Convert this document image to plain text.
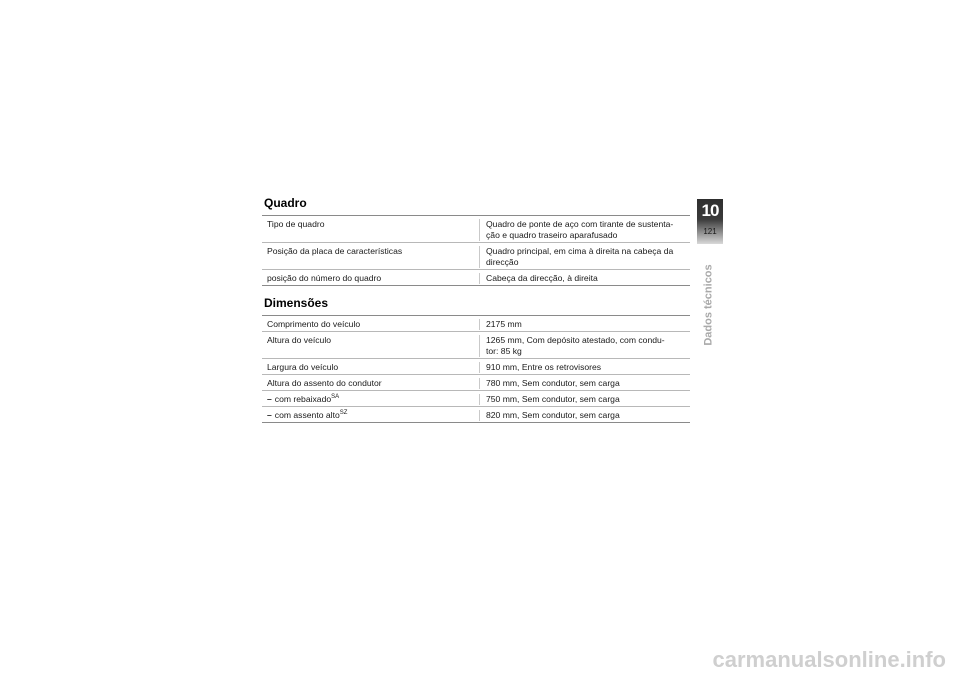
Quadro
Tipo de quadro	Quadro de ponte de aço com tirante de sustenta-
ção e quadro traseiro aparafusado
Posição da placa de características	Quadro principal, em cima à direita na cabeça da
direcção
posição do número do quadro	Cabeça da direcção, à direita
Dimensões
Comprimento do veículo	2175 mm
Altura do veículo	1265 mm, Com depósito atestado, com condu-
tor: 85 kg
Largura do veículo	910 mm, Entre os retrovisores
Altura do assento do condutor	780 mm, Sem condutor, sem carga
– com rebaixado$^{SA}$	750 mm, Sem condutor, sem carga
– com assento alto$^{SZ}$	820 mm, Sem condutor, sem carga
10
121
Dados técnicos
carmanualsonline.info
